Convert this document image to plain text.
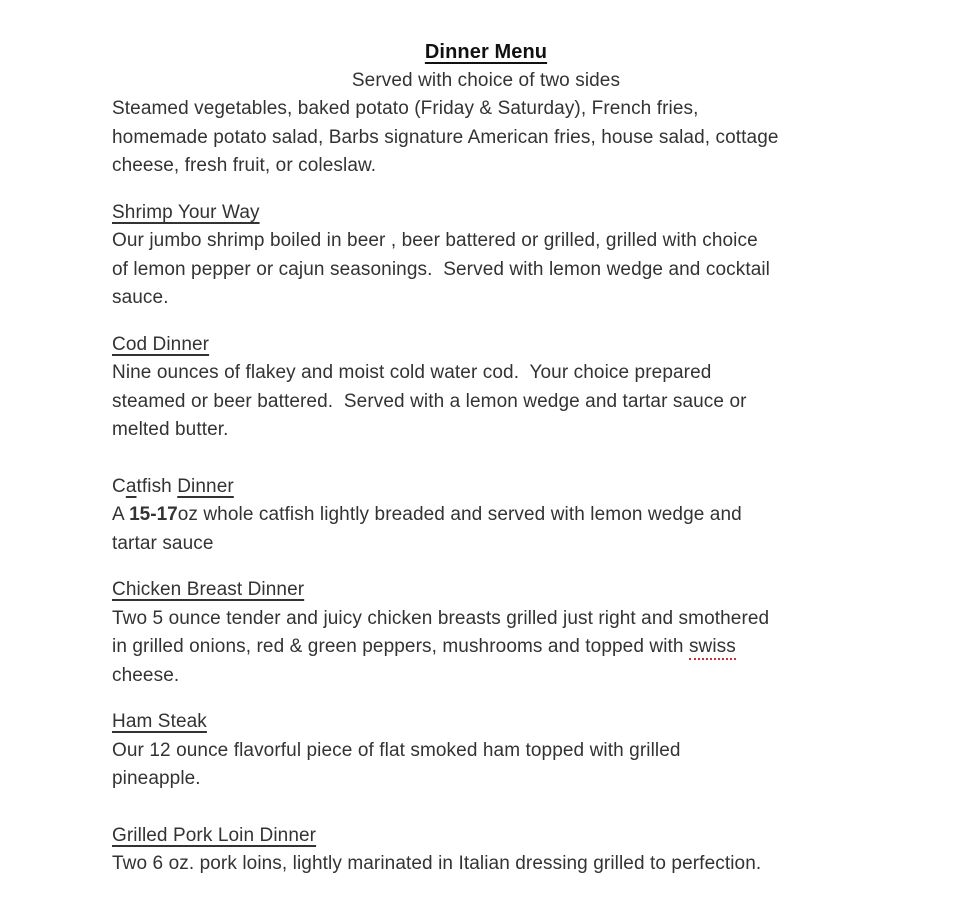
Dinner Menu
Served with choice of two sides
Steamed vegetables, baked potato (Friday & Saturday), French fries,
homemade potato salad, Barbs signature American fries, house salad, cottage
cheese, fresh fruit, or coleslaw.
Shrimp Your Way
Our jumbo shrimp boiled in beer , beer battered or grilled, grilled with choice
of lemon pepper or cajun seasonings.  Served with lemon wedge and cocktail
sauce.
Cod Dinner
Nine ounces of flakey and moist cold water cod.  Your choice prepared
steamed or beer battered.  Served with a lemon wedge and tartar sauce or
melted butter.
Catfish Dinner
A 15-17oz whole catfish lightly breaded and served with lemon wedge and
tartar sauce
Chicken Breast Dinner
Two 5 ounce tender and juicy chicken breasts grilled just right and smothered
in grilled onions, red & green peppers, mushrooms and topped with swiss
cheese.
Ham Steak
Our 12 ounce flavorful piece of flat smoked ham topped with grilled
pineapple.
Grilled Pork Loin Dinner
Two 6 oz. pork loins, lightly marinated in Italian dressing grilled to perfection.
